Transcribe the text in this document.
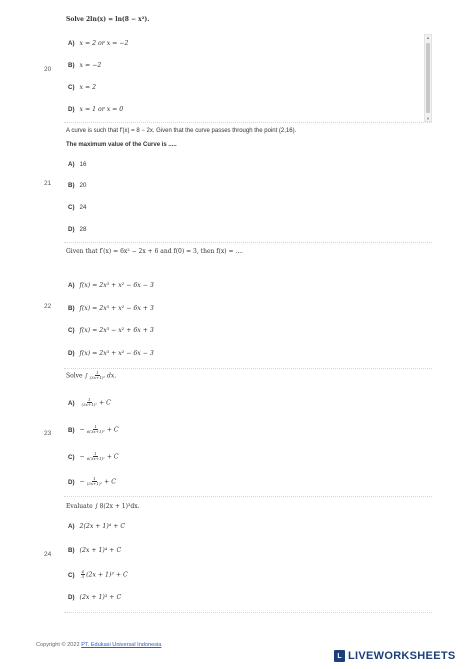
▲
▼
Solve 2ln(x) = ln(8 − x²).
20
A) x = 2 or x = −2
B) x = −2
C) x = 2
D) x = 1 or x = 0
A curve is such that f′(x) = 8 − 2x. Given that the curve passes through the point (2,16).
The maximum value of the Curve is .....
21
A) 16
B) 20
C) 24
D) 28
Given that f′(x) = 6x² − 2x + 6 and f(0) = 3, then f(x) = ....
22
A) f(x) = 2x³ + x² − 6x − 3
B) f(x) = 2x³ + x² − 6x + 3
C) f(x) = 2x³ − x² + 6x + 3
D) f(x) = 2x³ + x² − 6x − 3
Solve ∫ $\frac{1}{\text{(3x+1)²}}$ dx.
23
$A) \frac{1}{\text{(3x+1)²}} + C$
$B) - \frac{1}{\text{6(3x+1)²}} + C$
$C) - \frac{1}{\text{6(3x+1)²}} + C$
$D) - \frac{1}{\text{(3x+1)²}} + C$
Evaluate ∫ 8(2x + 1)³dx.
24
A) 2(2x + 1)⁴ + C
B) (2x + 1)⁴ + C
$C) \frac{4}{3} (2x + 1)^3 + C$
D) (2x + 1)³ + C
Copyright © 2022 PT. Edukasi Universal Indonesia
L LIVEWORKSHEETS
